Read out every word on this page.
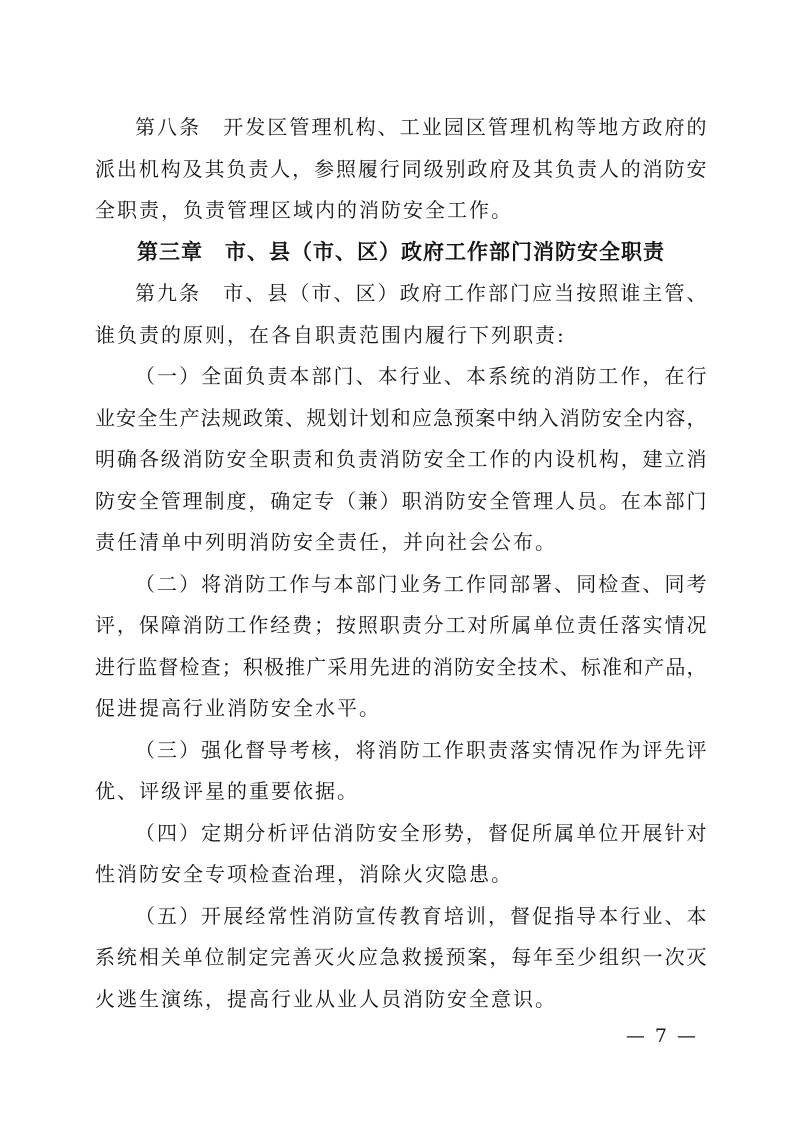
第八条　开发区管理机构、工业园区管理机构等地方政府的
派出机构及其负责人，参照履行同级别政府及其负责人的消防安
全职责，负责管理区域内的消防安全工作。
第三章　市、县（市、区）政府工作部门消防安全职责
第九条　市、县（市、区）政府工作部门应当按照谁主管、
谁负责的原则，在各自职责范围内履行下列职责:
（一）全面负责本部门、本行业、本系统的消防工作，在行
业安全生产法规政策、规划计划和应急预案中纳入消防安全内容，
明确各级消防安全职责和负责消防安全工作的内设机构，建立消
防安全管理制度，确定专（兼）职消防安全管理人员。在本部门
责任清单中列明消防安全责任，并向社会公布。
（二）将消防工作与本部门业务工作同部署、同检查、同考
评，保障消防工作经费；按照职责分工对所属单位责任落实情况
进行监督检查；积极推广采用先进的消防安全技术、标准和产品，
促进提高行业消防安全水平。
（三）强化督导考核，将消防工作职责落实情况作为评先评
优、评级评星的重要依据。
（四）定期分析评估消防安全形势，督促所属单位开展针对
性消防安全专项检查治理，消除火灾隐患。
（五）开展经常性消防宣传教育培训，督促指导本行业、本
系统相关单位制定完善灭火应急救援预案，每年至少组织一次灭
火逃生演练，提高行业从业人员消防安全意识。
— 7 —
